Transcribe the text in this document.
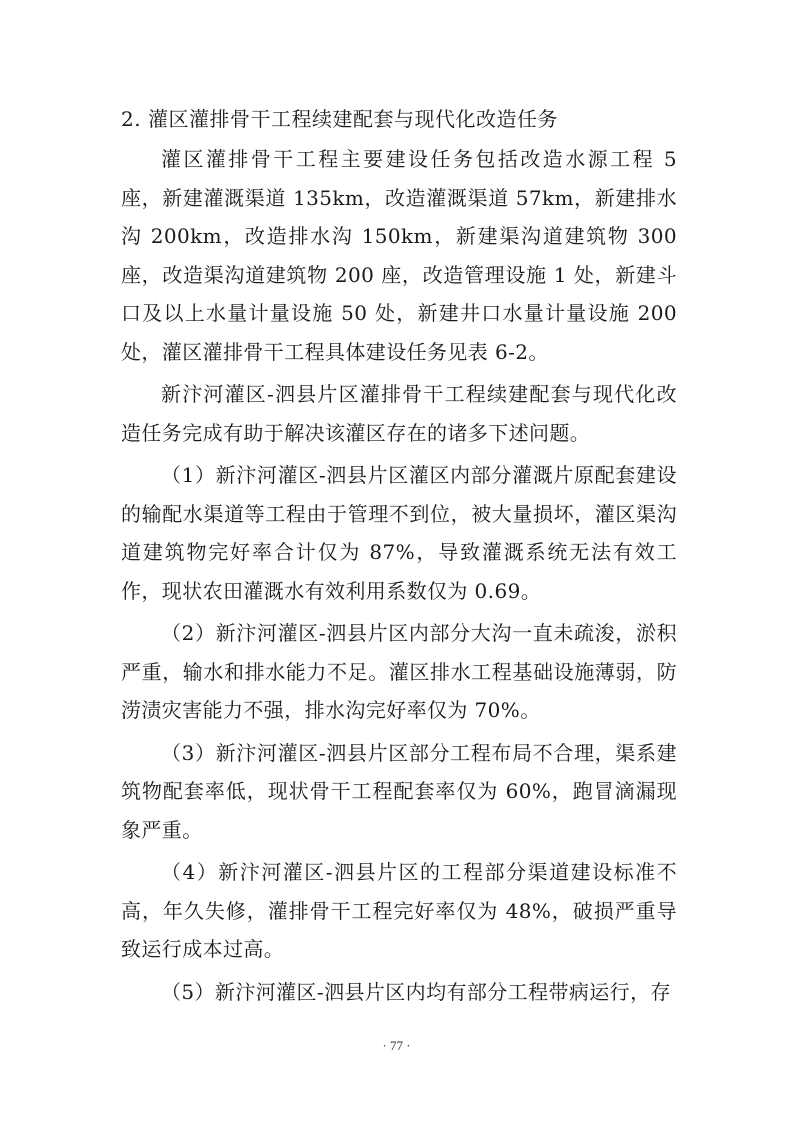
2. 灌区灌排骨干工程续建配套与现代化改造任务

灌区灌排骨干工程主要建设任务包括改造水源工程 5 座，新建灌溉渠道 135km，改造灌溉渠道 57km，新建排水沟 200km，改造排水沟 150km，新建渠沟道建筑物 300 座，改造渠沟道建筑物 200 座，改造管理设施 1 处，新建斗口及以上水量计量设施 50 处，新建井口水量计量设施 200 处，灌区灌排骨干工程具体建设任务见表 6-2。

新汴河灌区-泗县片区灌排骨干工程续建配套与现代化改造任务完成有助于解决该灌区存在的诸多下述问题。

（1）新汴河灌区-泗县片区灌区内部分灌溉片原配套建设的输配水渠道等工程由于管理不到位，被大量损坏，灌区渠沟道建筑物完好率合计仅为 87%，导致灌溉系统无法有效工作，现状农田灌溉水有效利用系数仅为 0.69。

（2）新汴河灌区-泗县片区内部分大沟一直未疏浚，淤积严重，输水和排水能力不足。灌区排水工程基础设施薄弱，防涝渍灾害能力不强，排水沟完好率仅为 70%。

（3）新汴河灌区-泗县片区部分工程布局不合理，渠系建筑物配套率低，现状骨干工程配套率仅为 60%，跑冒滴漏现象严重。

（4）新汴河灌区-泗县片区的工程部分渠道建设标准不高，年久失修，灌排骨干工程完好率仅为 48%，破损严重导致运行成本过高。

（5）新汴河灌区-泗县片区内均有部分工程带病运行，存

· 77 ·
